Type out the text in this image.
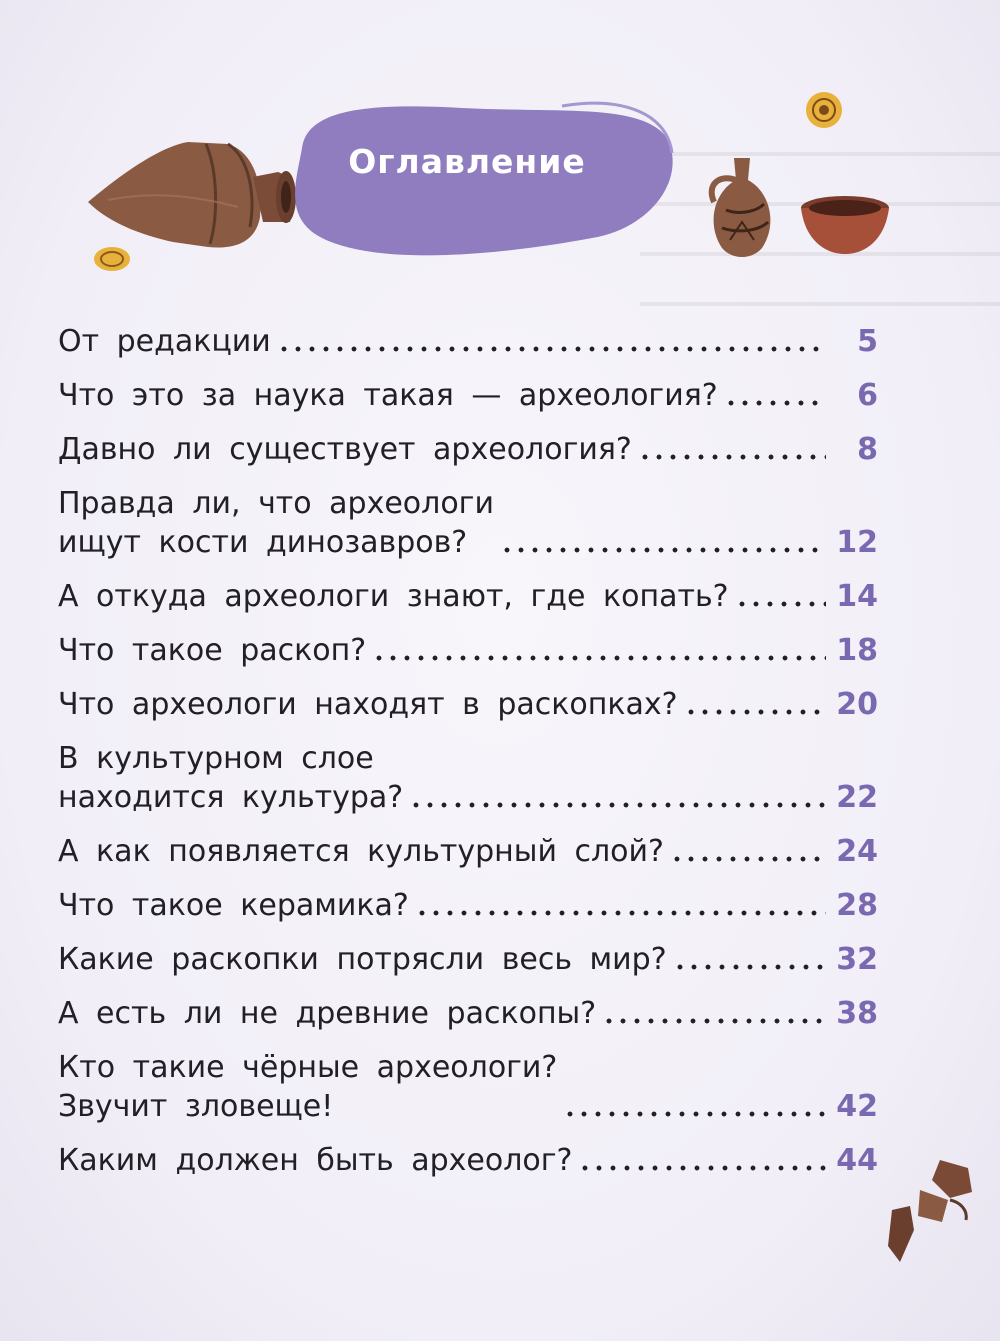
Оглавление
От редакции	5
Что это за наука такая — археология?	6
Давно ли существует археология?	8
Правда ли, что археологи
ищут кости динозавров?	12
А откуда археологи знают, где копать?	14
Что такое раскоп?	18
Что археологи находят в раскопках?	20
В культурном слое
находится культура?	22
А как появляется культурный слой?	24
Что такое керамика?	28
Какие раскопки потрясли весь мир?	32
А есть ли не древние раскопы?	38
Кто такие чёрные археологи?
Звучит зловеще!	42
Каким должен быть археолог?	44
